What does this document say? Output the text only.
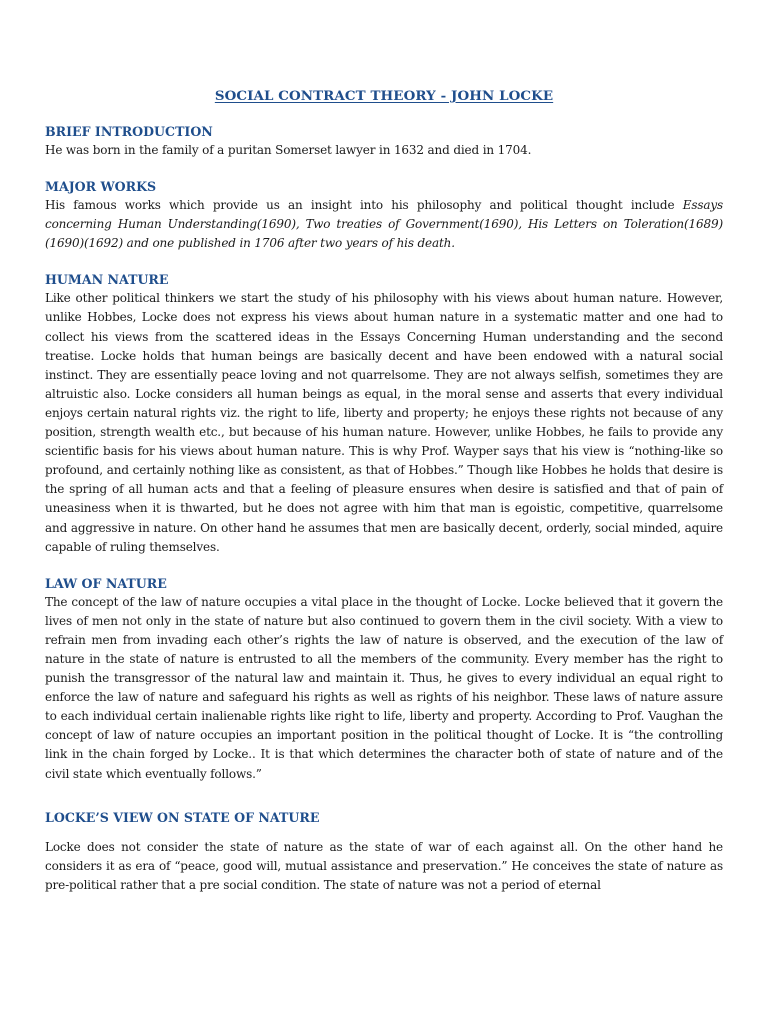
SOCIAL CONTRACT THEORY - JOHN LOCKE
BRIEF INTRODUCTION

He was born in the family of a puritan Somerset lawyer in 1632 and died in 1704.

MAJOR WORKS

His famous works which provide us an insight into his philosophy and political thought include Essays concerning Human Understanding(1690), Two treaties of Government(1690), His Letters on Toleration(1689)(1690)(1692) and one published in 1706 after two years of his death.

HUMAN NATURE

Like other political thinkers we start the study of his philosophy with his views about human nature. However, unlike Hobbes, Locke does not express his views about human nature in a systematic matter and one had to collect his views from the scattered ideas in the Essays Concerning Human understanding and the second treatise. Locke holds that human beings are basically decent and have been endowed with a natural social instinct. They are essentially peace loving and not quarrelsome. They are not always selfish, sometimes they are altruistic also. Locke considers all human beings as equal, in the moral sense and asserts that every individual enjoys certain natural rights viz. the right to life, liberty and property; he enjoys these rights not because of any position, strength wealth etc., but because of his human nature. However, unlike Hobbes, he fails to provide any scientific basis for his views about human nature. This is why Prof. Wayper says that his view is “nothing-like so profound, and certainly nothing like as consistent, as that of Hobbes.” Though like Hobbes he holds that desire is the spring of all human acts and that a feeling of pleasure ensures when desire is satisfied and that of pain of uneasiness when it is thwarted, but he does not agree with him that man is egoistic, competitive, quarrelsome and aggressive in nature. On other hand he assumes that men are basically decent, orderly, social minded, aquire capable of ruling themselves.

LAW OF NATURE

The concept of the law of nature occupies a vital place in the thought of Locke. Locke believed that it govern the lives of men not only in the state of nature but also continued to govern them in the civil society. With a view to refrain men from invading each other’s rights the law of nature is observed, and the execution of the law of nature in the state of nature is entrusted to all the members of the community. Every member has the right to punish the transgressor of the natural law and maintain it. Thus, he gives to every individual an equal right to enforce the law of nature and safeguard his rights as well as rights of his neighbor. These laws of nature assure to each individual certain inalienable rights like right to life, liberty and property. According to Prof. Vaughan the concept of law of nature occupies an important position in the political thought of Locke. It is “the controlling link in the chain forged by Locke.. It is that which determines the character both of state of nature and of the civil state which eventually follows.”

LOCKE’S VIEW ON STATE OF NATURE

Locke does not consider the state of nature as the state of war of each against all. On the other hand he considers it as era of “peace, good will, mutual assistance and preservation.” He conceives the state of nature as pre-political rather that a pre social condition. The state of nature was not a period of eternal
